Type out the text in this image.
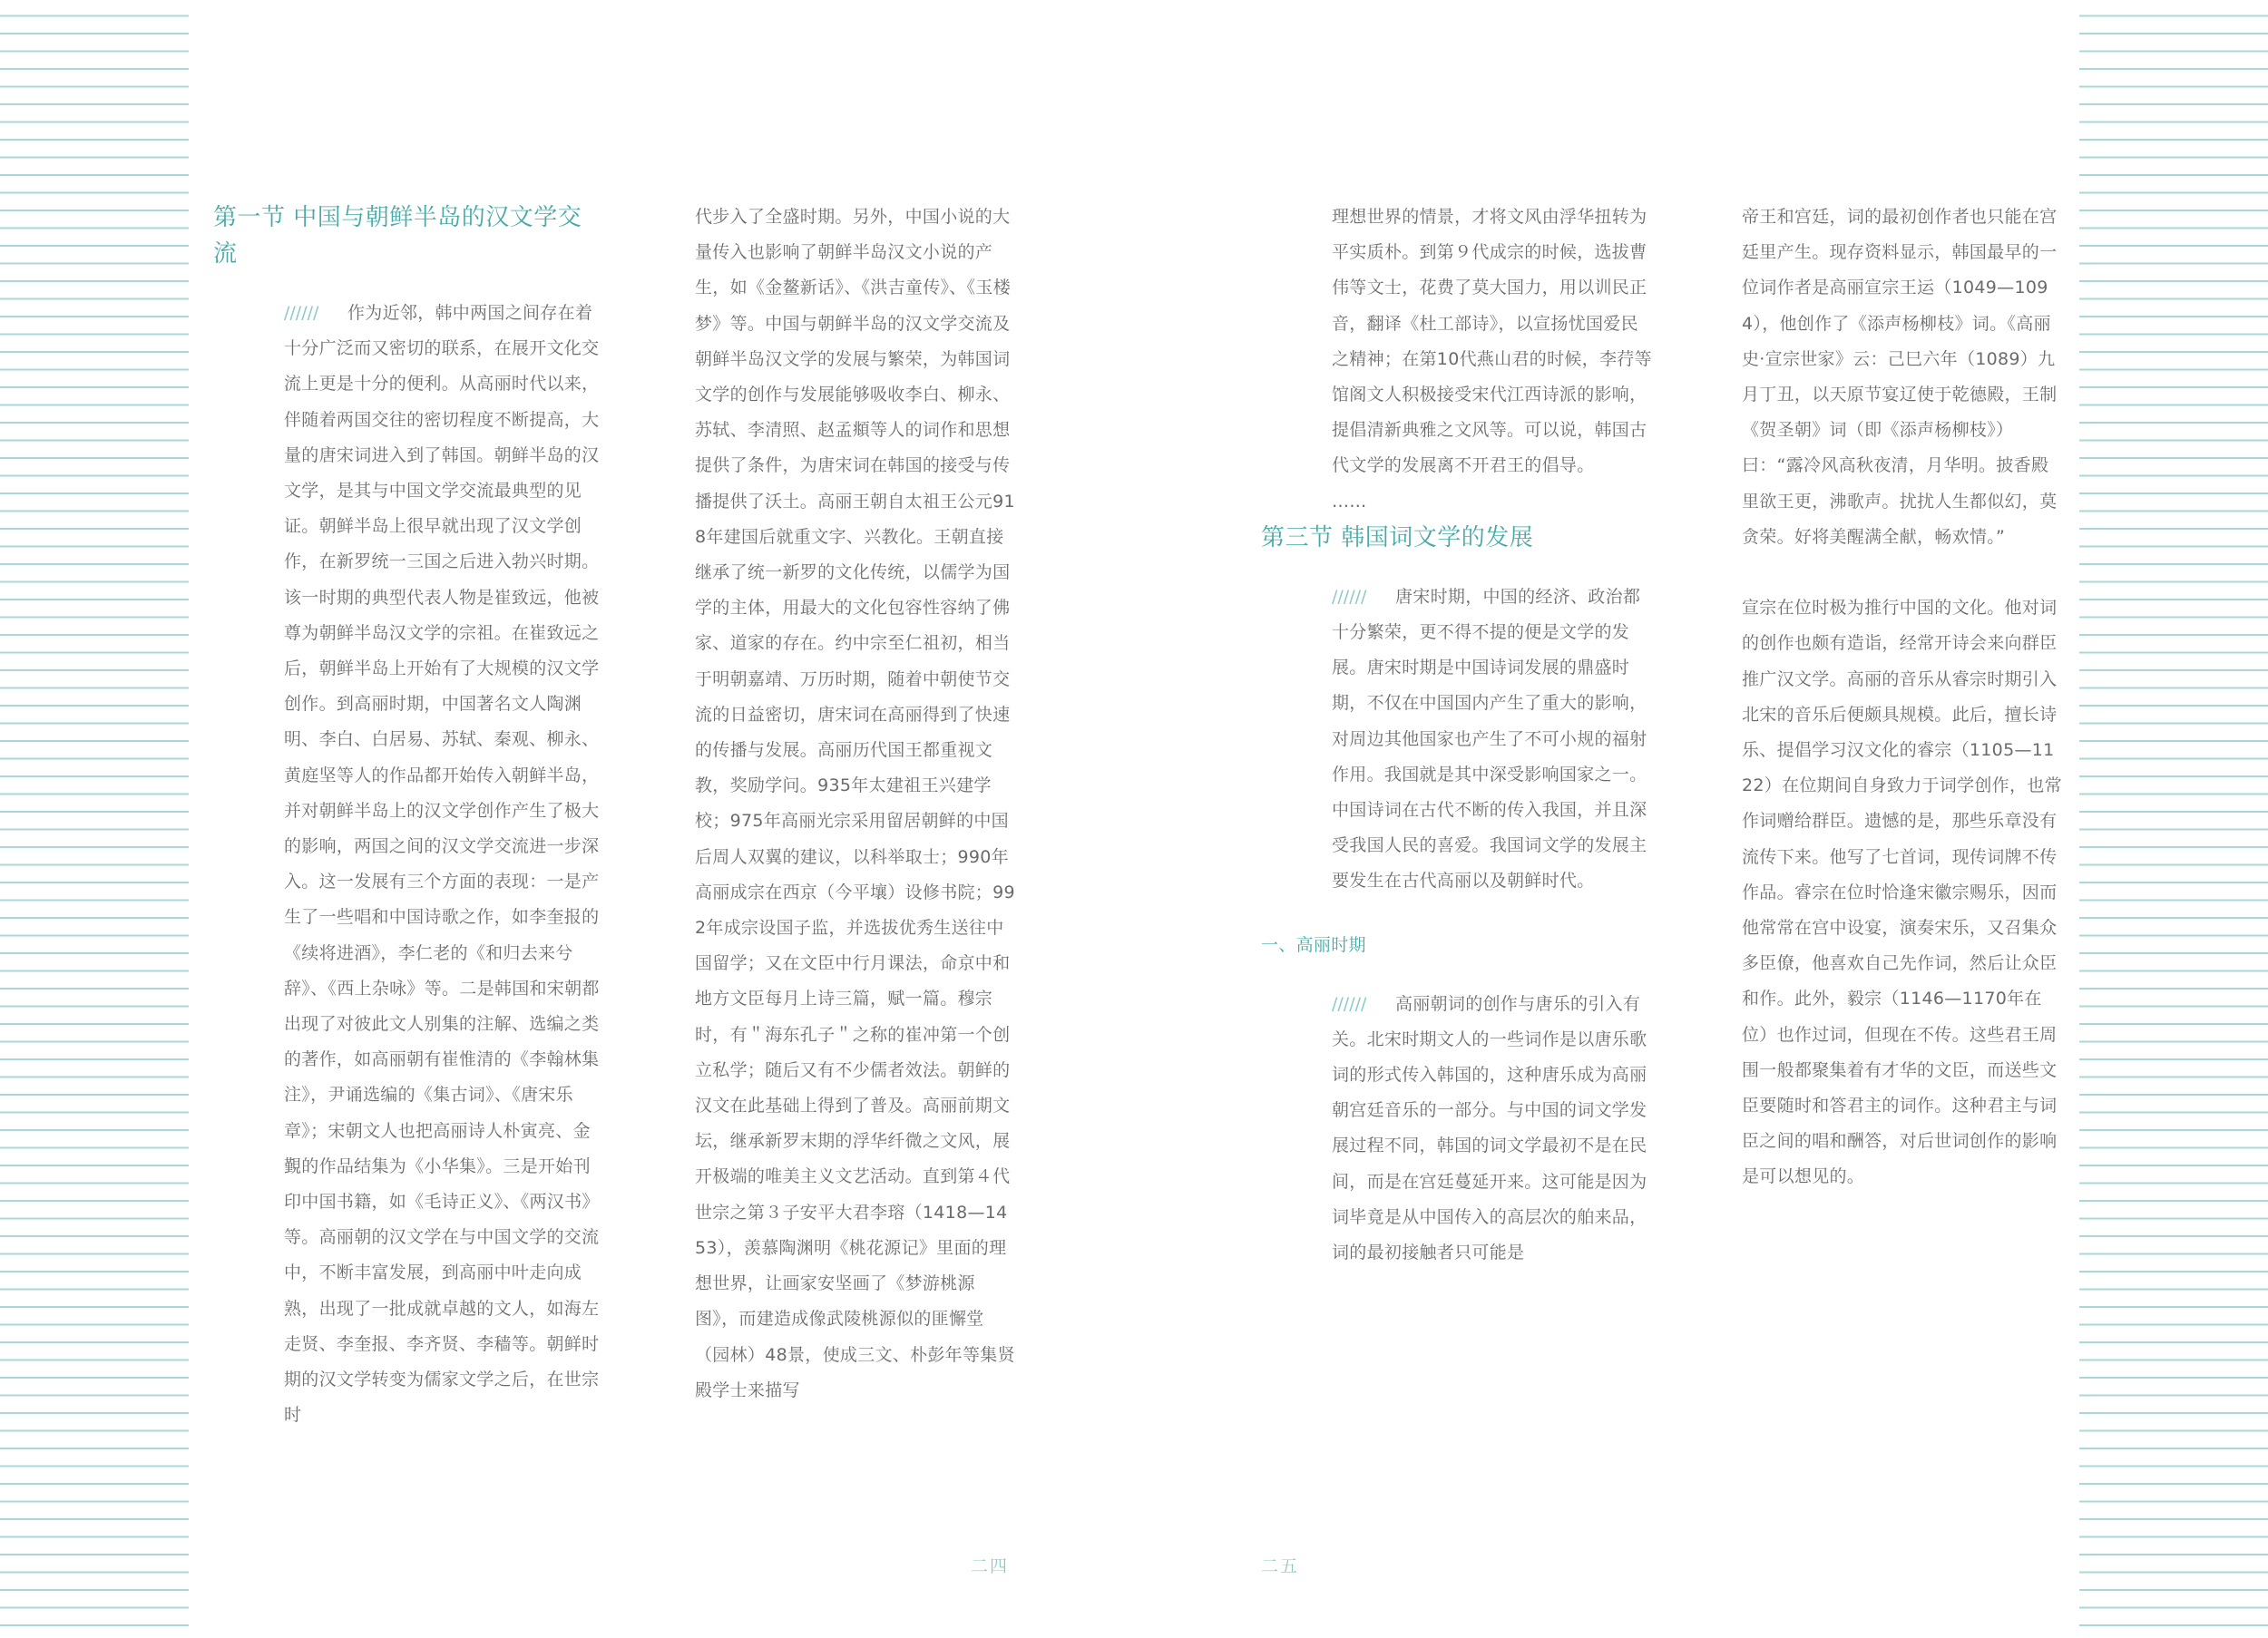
第一节 中国与朝鲜半岛的汉文学交流

////// 作为近邻，韩中两国之间存在着十分广泛而又密切的联系，在展开文化交流上更是十分的便利。从高丽时代以来，伴随着两国交往的密切程度不断提高，大量的唐宋词进入到了韩国。朝鲜半岛的汉文学，是其与中国文学交流最典型的见证。朝鲜半岛上很早就出现了汉文学创作，在新罗统一三国之后进入勃兴时期。该一时期的典型代表人物是崔致远，他被尊为朝鲜半岛汉文学的宗祖。在崔致远之后，朝鲜半岛上开始有了大规模的汉文学创作。到高丽时期，中国著名文人陶渊明、李白、白居易、苏轼、秦观、柳永、黄庭坚等人的作品都开始传入朝鲜半岛，并对朝鲜半岛上的汉文学创作产生了极大的影响，两国之间的汉文学交流进一步深入。这一发展有三个方面的表现：一是产生了一些唱和中国诗歌之作，如李奎报的《续将进酒》，李仁老的《和归去来兮辞》、《西上杂咏》等。二是韩国和宋朝都出现了对彼此文人别集的注解、选编之类的著作，如高丽朝有崔惟清的《李翰林集注》，尹诵选编的《集古词》、《唐宋乐章》；宋朝文人也把高丽诗人朴寅亮、金覲的作品结集为《小华集》。三是开始刊印中国书籍，如《毛诗正义》、《两汉书》等。高丽朝的汉文学在与中国文学的交流中，不断丰富发展，到高丽中叶走向成熟，出现了一批成就卓越的文人，如海左走贤、李奎报、李齐贤、李穑等。朝鲜时期的汉文学转变为儒家文学之后，在世宗时

代步入了全盛时期。另外，中国小说的大量传入也影响了朝鲜半岛汉文小说的产生，如《金鳌新话》、《洪吉童传》、《玉楼梦》等。中国与朝鲜半岛的汉文学交流及朝鲜半岛汉文学的发展与繁荣，为韩国词文学的创作与发展能够吸收李白、柳永、苏轼、李清照、赵孟頫等人的词作和思想提供了条件，为唐宋词在韩国的接受与传播提供了沃土。高丽王朝自太祖王公元918年建国后就重文字、兴教化。王朝直接继承了统一新罗的文化传统，以儒学为国学的主体，用最大的文化包容性容纳了佛家、道家的存在。约中宗至仁祖初，相当于明朝嘉靖、万历时期，随着中朝使节交流的日益密切，唐宋词在高丽得到了快速的传播与发展。高丽历代国王都重视文教，奖励学问。935年太建祖王兴建学校；975年高丽光宗采用留居朝鲜的中国后周人双翼的建议，以科举取士；990年高丽成宗在西京（今平壤）设修书院；992年成宗设国子监，并选拔优秀生送往中国留学；又在文臣中行月课法，命京中和地方文臣每月上诗三篇，赋一篇。穆宗时，有＂海东孔子＂之称的崔冲第一个创立私学；随后又有不少儒者效法。朝鲜的汉文在此基础上得到了普及。高丽前期文坛，继承新罗末期的浮华纤微之文风，展开极端的唯美主义文艺活动。直到第４代世宗之第３子安平大君李瑢（1418—1453），羡慕陶渊明《桃花源记》里面的理想世界，让画家安坚画了《梦游桃源图》，而建造成像武陵桃源似的匪懈堂（园林）48景，使成三文、朴彭年等集贤殿学士来描写

二四

理想世界的情景，才将文风由浮华扭转为平实质朴。到第９代成宗的时候，选拔曹伟等文士，花费了莫大国力，用以训民正音，翻译《杜工部诗》，以宣扬忧国爱民之精神；在第10代燕山君的时候，李荇等馆阁文人积极接受宋代江西诗派的影响，提倡清新典雅之文风等。可以说，韩国古代文学的发展离不开君王的倡导。

……

第三节 韩国词文学的发展

////// 唐宋时期，中国的经济、政治都十分繁荣，更不得不提的便是文学的发展。唐宋时期是中国诗词发展的鼎盛时期，不仅在中国国内产生了重大的影响，对周边其他国家也产生了不可小规的福射作用。我国就是其中深受影响国家之一。中国诗词在古代不断的传入我国，并且深受我国人民的喜爱。我国词文学的发展主要发生在古代高丽以及朝鲜时代。

一、高丽时期

////// 高丽朝词的创作与唐乐的引入有关。北宋时期文人的一些词作是以唐乐歌词的形式传入韩国的，这种唐乐成为高丽朝宫廷音乐的一部分。与中国的词文学发展过程不同，韩国的词文学最初不是在民间，而是在宫廷蔓延开来。这可能是因为词毕竟是从中国传入的高层次的舶来品，词的最初接触者只可能是

帝王和宫廷，词的最初创作者也只能在宫廷里产生。现存资料显示，韩国最早的一位词作者是高丽宣宗王运（1049—1094），他创作了《添声杨柳枝》词。《高丽史·宣宗世家》云：己巳六年（1089）九月丁丑，以天原节宴辽使于乾德殿，王制《贺圣朝》词（即《添声杨柳枝》）曰：“露冷风高秋夜清，月华明。披香殿里欲王更，沸歌声。扰扰人生都似幻，莫贪荣。好将美醒满全献，畅欢情。”

宣宗在位时极为推行中国的文化。他对词的创作也颇有造诣，经常开诗会来向群臣推广汉文学。高丽的音乐从睿宗时期引入北宋的音乐后便颇具规模。此后，擅长诗乐、提倡学习汉文化的睿宗（1105—1122）在位期间自身致力于词学创作，也常作词赠给群臣。遗憾的是，那些乐章没有流传下来。他写了七首词，现传词牌不传作品。睿宗在位时恰逢宋徽宗赐乐，因而他常常在宫中设宴，演奏宋乐，又召集众多臣僚，他喜欢自己先作词，然后让众臣和作。此外，毅宗（1146—1170年在位）也作过词，但现在不传。这些君王周围一般都聚集着有才华的文臣，而送些文臣要随时和答君主的词作。这种君主与词臣之间的唱和酬答，对后世词创作的影响是可以想见的。

二五
